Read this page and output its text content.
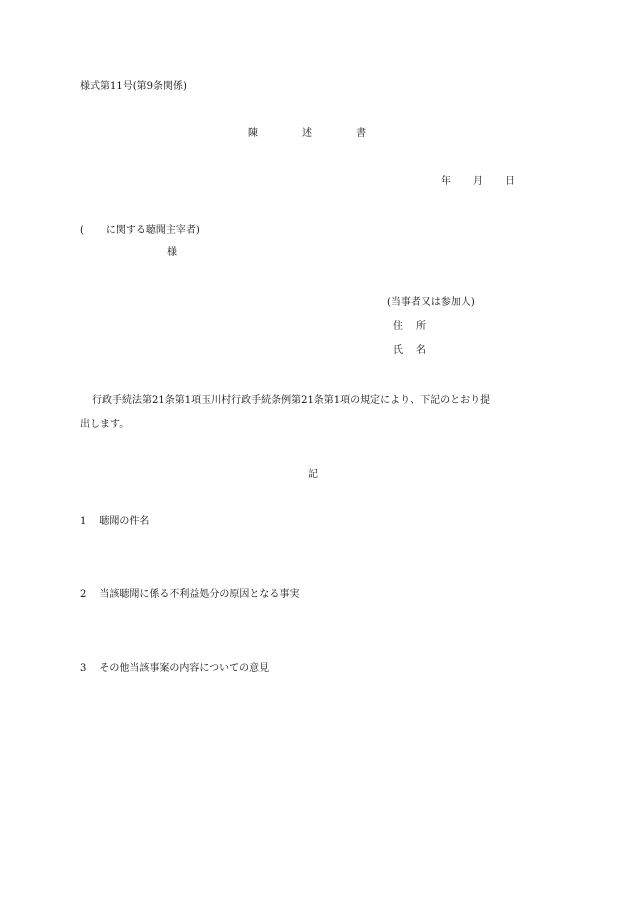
様式第11号(第9条関係)
陳	述	書
年 月 日
( に関する聴聞主宰者)
様
(当事者又は参加人)
住 所
氏 名
行政手続法第21条第1項玉川村行政手続条例第21条第1項の規定により、下記のとおり提
出します。
記
1 聴聞の件名
2 当該聴聞に係る不利益処分の原因となる事実
3 その他当該事案の内容についての意見
